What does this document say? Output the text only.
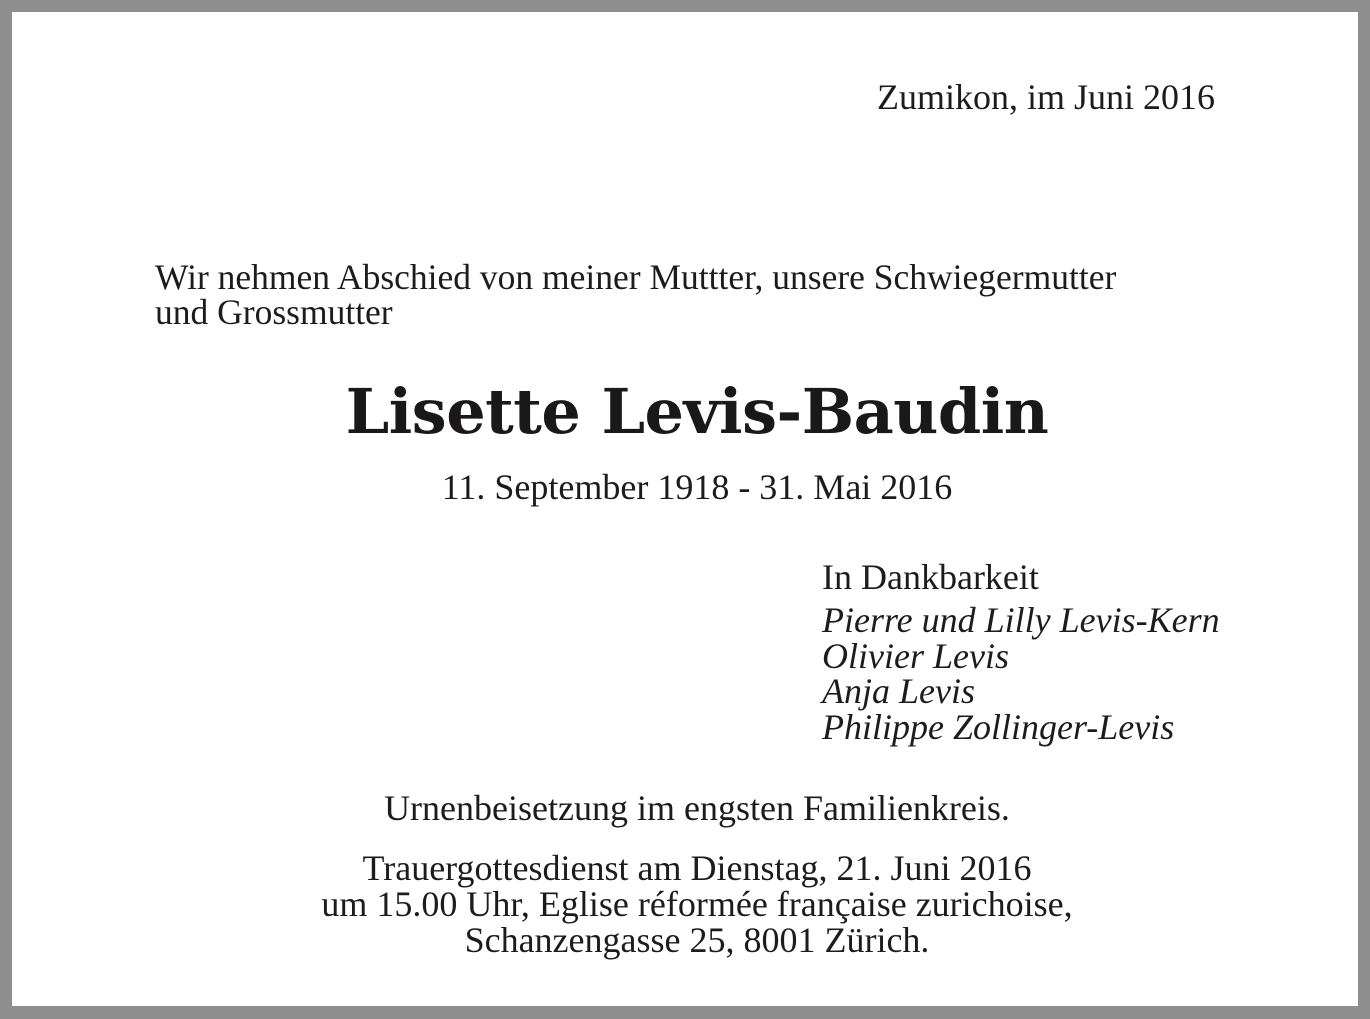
Zumikon, im Juni 2016
Wir nehmen Abschied von meiner Muttter, unsere Schwiegermutter
und Grossmutter
Lisette Levis-Baudin
11. September 1918 - 31. Mai 2016
In Dankbarkeit
Pierre und Lilly Levis-Kern
Olivier Levis
Anja Levis
Philippe Zollinger-Levis
Urnenbeisetzung im engsten Familienkreis.
Trauergottesdienst am Dienstag, 21. Juni 2016
um 15.00 Uhr, Eglise réformée française zurichoise,
Schanzengasse 25, 8001 Zürich.
